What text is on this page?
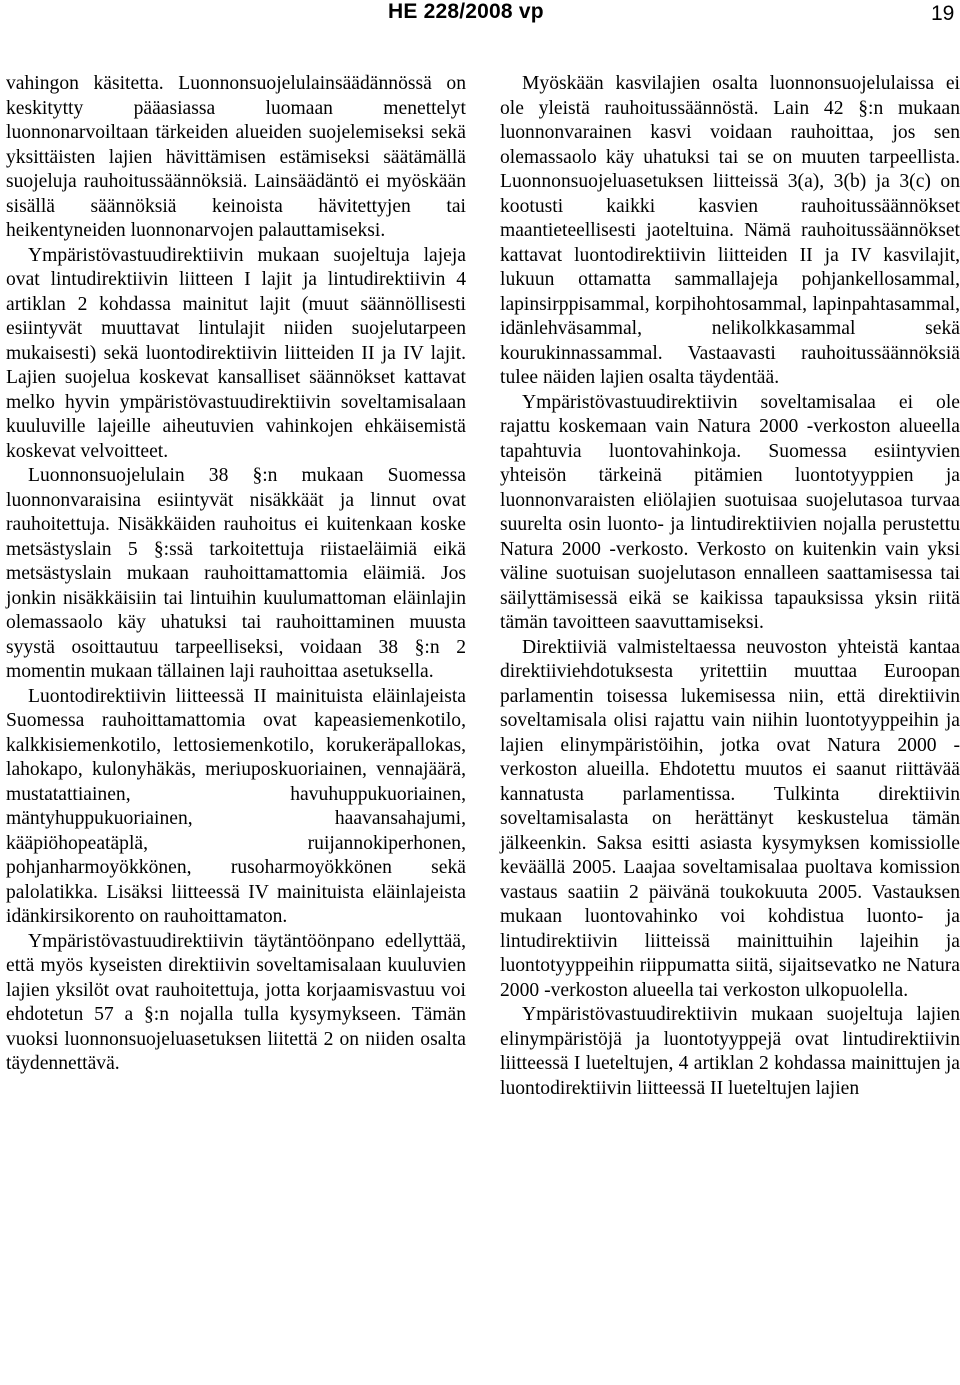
HE 228/2008 vp	19

vahingon käsitetta. Luonnonsuojelulainsäädännössä on keskitytty pääasiassa luomaan menettelyt luonnonarvoiltaan tärkeiden alueiden suojelemiseksi sekä yksittäisten lajien hävittämisen estämiseksi säätämällä suojeluja rauhoitussäännöksiä. Lainsäädäntö ei myöskään sisällä säännöksiä keinoista hävitettyjen tai heikentyneiden luonnonarvojen palauttamiseksi.

Ympäristövastuudirektiivin mukaan suojeltuja lajeja ovat lintudirektiivin liitteen I lajit ja lintudirektiivin 4 artiklan 2 kohdassa mainitut lajit (muut säännöllisesti esiintyvät muuttavat lintulajit niiden suojelutarpeen mukaisesti) sekä luontodirektiivin liitteiden II ja IV lajit. Lajien suojelua koskevat kansalliset säännökset kattavat melko hyvin ympäristövastuudirektiivin soveltamisalaan kuuluville lajeille aiheutuvien vahinkojen ehkäisemistä koskevat velvoitteet.

Luonnonsuojelulain 38 §:n mukaan Suomessa luonnonvaraisina esiintyvät nisäkkäät ja linnut ovat rauhoitettuja. Nisäkkäiden rauhoitus ei kuitenkaan koske metsästyslain 5 §:ssä tarkoitettuja riistaeläimiä eikä metsästyslain mukaan rauhoittamattomia eläimiä. Jos jonkin nisäkkäisiin tai lintuihin kuulumattoman eläinlajin olemassaolo käy uhatuksi tai rauhoittaminen muusta syystä osoittautuu tarpeelliseksi, voidaan 38 §:n 2 momentin mukaan tällainen laji rauhoittaa asetuksella.

Luontodirektiivin liitteessä II mainituista eläinlajeista Suomessa rauhoittamattomia ovat kapeasiemenkotilo, kalkkisiemenkotilo, lettosiemenkotilo, korukeräpallokas, lahokapo, kulonyhäkäs, meriuposkuoriainen, vennajäärä, mustatattiainen, havuhuppukuoriainen, mäntyhuppukuoriainen, haavansahajumi, kääpiöhopeatäplä, ruijannokiperhonen, pohjanharmoyökkönen, rusoharmoyökkönen sekä palolatikka. Lisäksi liitteessä IV mainituista eläinlajeista idänkirsikorento on rauhoittamaton.

Ympäristövastuudirektiivin täytäntöönpano edellyttää, että myös kyseisten direktiivin soveltamisalaan kuuluvien lajien yksilöt ovat rauhoitettuja, jotta korjaamisvastuu voi ehdotetun 57 a §:n nojalla tulla kysymykseen. Tämän vuoksi luonnonsuojeluasetuksen liitettä 2 on niiden osalta täydennettävä.

Myöskään kasvilajien osalta luonnonsuojelulaissa ei ole yleistä rauhoitussäännöstä. Lain 42 §:n mukaan luonnonvarainen kasvi voidaan rauhoittaa, jos sen olemassaolo käy uhatuksi tai se on muuten tarpeellista. Luonnonsuojeluasetuksen liitteissä 3(a), 3(b) ja 3(c) on kootusti kaikki kasvien rauhoitussäännökset maantieteellisesti jaoteltuina. Nämä rauhoitussäännökset kattavat luontodirektiivin liitteiden II ja IV kasvilajit, lukuun ottamatta sammallajeja pohjankellosammal, lapinsirppisammal, korpihohtosammal, lapinpahtasammal, idänlehväsammal, nelikolkkasammal sekä kourukinnassammal. Vastaavasti rauhoitussäännöksiä tulee näiden lajien osalta täydentää.

Ympäristövastuudirektiivin soveltamisalaa ei ole rajattu koskemaan vain Natura 2000 -verkoston alueella tapahtuvia luontovahinkoja. Suomessa esiintyvien yhteisön tärkeinä pitämien luontotyyppien ja luonnonvaraisten eliölajien suotuisaa suojelutasoa turvaa suurelta osin luonto- ja lintudirektiivien nojalla perustettu Natura 2000 -verkosto. Verkosto on kuitenkin vain yksi väline suotuisan suojelutason ennalleen saattamisessa tai säilyttämisessä eikä se kaikissa tapauksissa yksin riitä tämän tavoitteen saavuttamiseksi.

Direktiiviä valmisteltaessa neuvoston yhteistä kantaa direktiiviehdotuksesta yritettiin muuttaa Euroopan parlamentin toisessa lukemisessa niin, että direktiivin soveltamisala olisi rajattu vain niihin luontotyyppeihin ja lajien elinympäristöihin, jotka ovat Natura 2000 -verkoston alueilla. Ehdotettu muutos ei saanut riittävää kannatusta parlamentissa. Tulkinta direktiivin soveltamisalasta on herättänyt keskustelua tämän jälkeenkin. Saksa esitti asiasta kysymyksen komissiolle keväällä 2005. Laajaa soveltamisalaa puoltava komission vastaus saatiin 2 päivänä toukokuuta 2005. Vastauksen mukaan luontovahinko voi kohdistua luonto- ja lintudirektiivin liitteissä mainittuihin lajeihin ja luontotyyppeihin riippumatta siitä, sijaitsevatko ne Natura 2000 -verkoston alueella tai verkoston ulkopuolella.

Ympäristövastuudirektiivin mukaan suojeltuja lajien elinympäristöjä ja luontotyyppejä ovat lintudirektiivin liitteessä I lueteltujen, 4 artiklan 2 kohdassa mainittujen ja luontodirektiivin liitteessä II lueteltujen lajien
